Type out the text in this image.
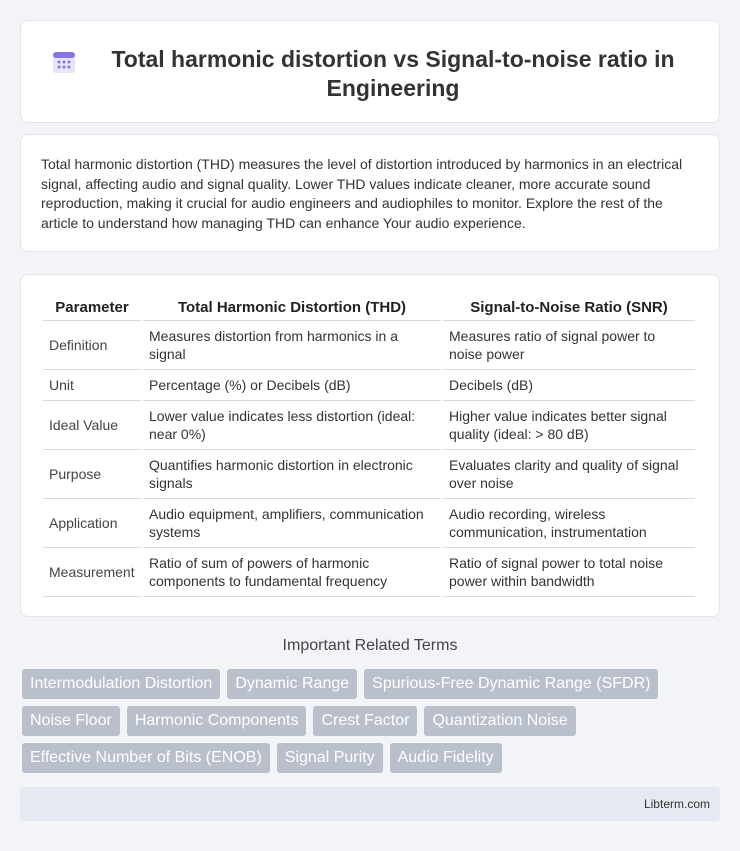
Total harmonic distortion vs Signal-to-noise ratio in Engineering

Total harmonic distortion (THD) measures the level of distortion introduced by harmonics in an electrical signal, affecting audio and signal quality. Lower THD values indicate cleaner, more accurate sound reproduction, making it crucial for audio engineers and audiophiles to monitor. Explore the rest of the article to understand how managing THD can enhance Your audio experience.

Parameter	Total Harmonic Distortion (THD)	Signal-to-Noise Ratio (SNR)
Definition	Measures distortion from harmonics in a signal	Measures ratio of signal power to noise power
Unit	Percentage (%) or Decibels (dB)	Decibels (dB)
Ideal Value	Lower value indicates less distortion (ideal: near 0%)	Higher value indicates better signal quality (ideal: > 80 dB)
Purpose	Quantifies harmonic distortion in electronic signals	Evaluates clarity and quality of signal over noise
Application	Audio equipment, amplifiers, communication systems	Audio recording, wireless communication, instrumentation
Measurement	Ratio of sum of powers of harmonic components to fundamental frequency	Ratio of signal power to total noise power within bandwidth
Important Related Terms
Intermodulation Distortion	Dynamic Range	Spurious-Free Dynamic Range (SFDR)
Noise Floor	Harmonic Components	Crest Factor	Quantization Noise
Effective Number of Bits (ENOB)	Signal Purity	Audio Fidelity
Libterm.com
